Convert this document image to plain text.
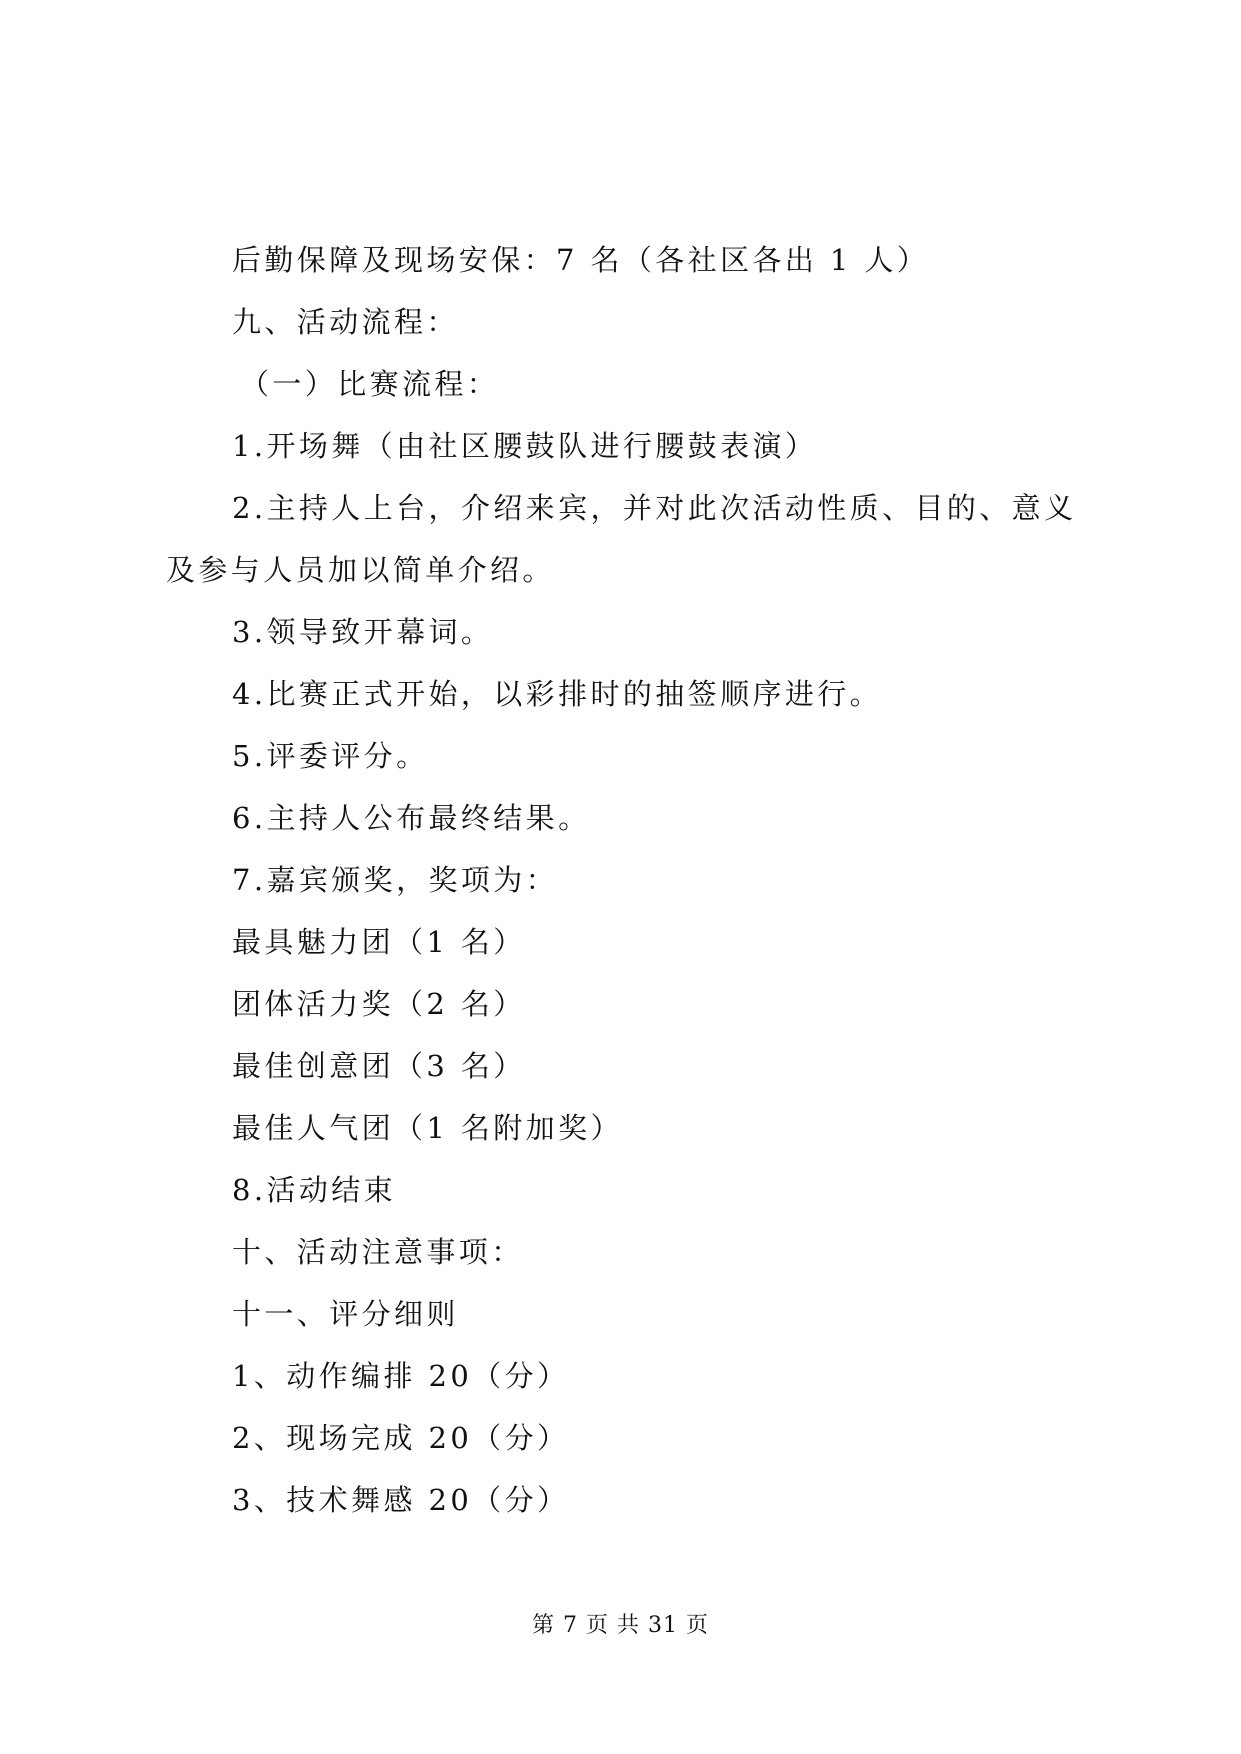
后勤保障及现场安保：7 名（各社区各出 1 人）
九、活动流程：
（一）比赛流程：
1.开场舞（由社区腰鼓队进行腰鼓表演）
2.主持人上台，介绍来宾，并对此次活动性质、目的、意义
及参与人员加以简单介绍。
3.领导致开幕词。
4.比赛正式开始，以彩排时的抽签顺序进行。
5.评委评分。
6.主持人公布最终结果。
7.嘉宾颁奖，奖项为：
最具魅力团（1 名）
团体活力奖（2 名）
最佳创意团（3 名）
最佳人气团（1 名附加奖）
8.活动结束
十、活动注意事项：
十一、评分细则
1、动作编排 20（分）
2、现场完成 20（分）
3、技术舞感 20（分）
第 7 页 共 31 页
